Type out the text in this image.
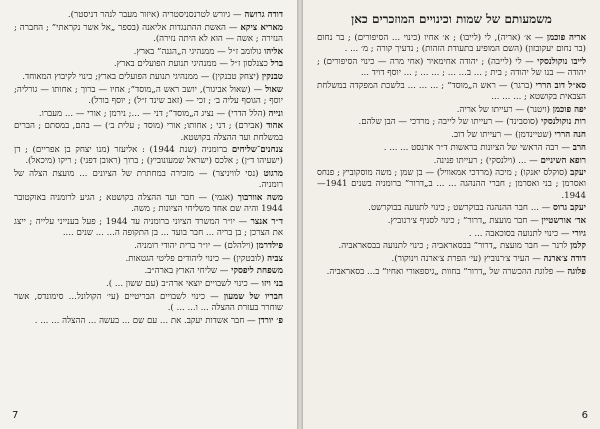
דודה גרושה — גיורש לטרנסניסטריה (איזור מעבר לנהר דניסטר).

מאריא ציקא — האשת ההתנגדות אליאנה (בספר „אל אשר נקראתי” ; החברה ; הנזירה ; אשה — הוא לא היתה נזירה).

אליהו גולומב ז״ל — ממנהיגי ה„הגנה” בארץ.

ברל כצנלסון ז״ל — ממנהיגי תנועת הפועלים בארץ.

טבנקין (יצחק טבנקין) — ממנהיגי תנועת הפועלים בארץ; כינוי לקיבוץ המאוחד.

שאול — (שאול אביגור), יושב ראש ה„מוסד”; אחיו — ברוך ; אחותו — גורליה; יוסף ; הגוסף עליה ב׳ ; זכי — (זאב שינד ז״ל) ; יוסף בורל).

ונייה (הלל הדרי) — נציג ה„מוסד”; דני — ...; נירמן ; אורי — ... מעברו.

אהוד (אבירם) ; דני ; אחותו; אורי (מוסד ; עלית ב׳) — בהם, במסתם ; הברים במשלחת ועד ההצלה בקושטא.

צנחנים־שליחים ברומניה (שנת 1944) : אליעזר (מנו יצחק בן אפריים) ; דן (ישעיהו ד״ן) ; אלכס (ישראל שמעונוביץ) ; ברוך (ראובן דפני) ; ריקו (מיכאל).

מרגוט (נסי לוויניצר) — מזכירה במחתרת של הציונים ... מועצת הצלה של רומניה.

משה אוורבוך (אגמי) — חבר ועד ההצלה בקושטא ; הגיע לרומניה באוקטובר 1944 והיה שם אחד משליחי הציונות ; משה.

ד״ר אנצר — יו״ר המשרד הציוני ברומניה עד 1944 ; פעל בענייני עלייה ; ייצג את הצרכן ; בן בריה ... חבר בועד ... בן התקופה ה... ... שנים ....

פילדרמן (וילהלם) — יו״ר ברית יהודי רומניה.

צביה (לובטקין) — כינוי ליהודים פליטי הגטאות.

משפחת ליפסקי — שליחי הארץ בארה״ב.

בני ויזו — כינוי לשבויים יוצאי ארה״ב (עם ששון ... ).

חבריו של שמעון — כינוי לשבויים הבריטיים (עי׳ הקולונל... סימונדס, אשר שוחרר בעזרת ההצלה ... ו... ... ).

פ׳ יורדן — חבר אשדות יעקב. את ... עם שם ... בעשה ... ההצלה ... ... .

7
משמעותם של שמות וכינויים המוזכרים כאן

אריה פוכמן — א׳ (אריה), לי (לייבו) ; א׳ אחיו (כינוי ... הסיפורים) ; בר נחום (בר נחום יעקובזון) (השם המופיע בתעודת הזהות) ; נדעיך קורה ; מ׳ ... .

לייבו נוקולנסקי — לי (לייבה) ; יהודה אחימאיר (אחי מרה — כינוי הסיפורים) ; יהודה — בנו של יהודה ; בית ; ... ב... ... ; ... ... ; ... יוסף דויד ...

סא״ל דוב הררי (ברגר) — ראש ה„מוסד” ; ... ... ... בלשכת המפקדה במשלחת הצבאית בקושטא ; ... ... ...

יפה פוכמן (ויטנר) — רעייתו של אריה.

רות נוקולנסקי (סוסבינד) — רעייתו של לייבה ; מרדכי — הבן שלהם.

חנה הררי (שטיינדמן) — רעייתו של דוב.

הרב — רבה הראשי של הציונות בראשות ד״ר ארנסט ... ... .

רופא השיניים — ... (וילנסקי) ; רעייתו פנינה.

יעקב (סוקלס יאנקו) ; מיכה (מרדכי אמאוויל) — בן שמן ; משה מוסקוביץ ; פנחס ואסרמן ; בני ואסרמן ; חברי ההנהגה ... ... ב„דרור” ברומניה בשנים 1941—1944.

יעקב גרוס — ... חבר ההנהגה בבוקרשט ; כינוי לתנועה בבוקרשט.

אד׳ אורשטיין — חבר מועצת „דרור” ; כינוי לסניף צ׳רנוביץ.

גיורי — כינוי לתנועה בסוכאבה ... .

קלמן לרנר — חבר מועצת „דרור” בבסאראביה ; כינוי לתנועה בבסאראביה.

דודה צ׳ארנה — העיר צ׳רנוביץ (עי׳ הפרת צ׳ארנה וינוקור).

פלוגה — פלוגת ההכשרה של „דרור” בחוות „גיספאורי ואחיו” ב... בסאראביה.

6
